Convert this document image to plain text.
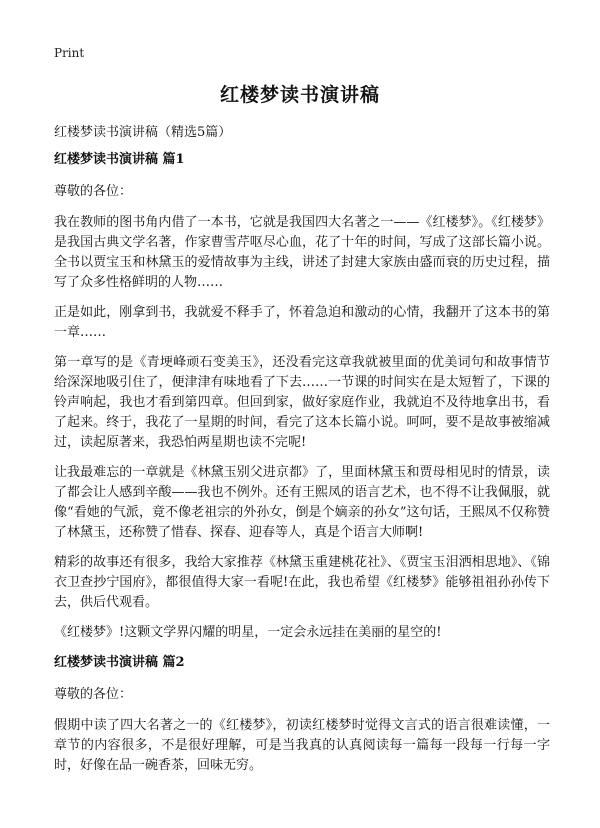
Print
红楼梦读书演讲稿
红楼梦读书演讲稿（精选5篇）
红楼梦读书演讲稿 篇1
尊敬的各位：

我在教师的图书角内借了一本书，它就是我国四大名著之一——《红楼梦》。《红楼梦》是我国古典文学名著，作家曹雪芹呕尽心血，花了十年的时间，写成了这部长篇小说。全书以贾宝玉和林黛玉的爱情故事为主线，讲述了封建大家族由盛而衰的历史过程，描写了众多性格鲜明的人物……

正是如此，刚拿到书，我就爱不释手了，怀着急迫和激动的心情，我翻开了这本书的第一章……

第一章写的是《青埂峰顽石变美玉》，还没看完这章我就被里面的优美词句和故事情节给深深地吸引住了，便津津有味地看了下去……一节课的时间实在是太短暂了，下课的铃声响起，我也才看到第四章。但回到家，做好家庭作业，我就迫不及待地拿出书，看了起来。终于，我花了一星期的时间，看完了这本长篇小说。呵呵，要不是故事被缩减过，读起原著来，我恐怕两星期也读不完呢!

让我最难忘的一章就是《林黛玉别父进京都》了，里面林黛玉和贾母相见时的情景，读了都会让人感到辛酸——我也不例外。还有王熙凤的语言艺术，也不得不让我佩服，就像“看她的气派，竟不像老祖宗的外孙女，倒是个嫡亲的孙女”这句话，王熙凤不仅称赞了林黛玉，还称赞了惜春、探春、迎春等人，真是个语言大师啊!

精彩的故事还有很多，我给大家推荐《林黛玉重建桃花社》、《贾宝玉泪洒相思地》、《锦衣卫查抄宁国府》，都很值得大家一看呢!在此，我也希望《红楼梦》能够祖祖孙孙传下去，供后代观看。

《红楼梦》!这颗文学界闪耀的明星，一定会永远挂在美丽的星空的!

红楼梦读书演讲稿 篇2
尊敬的各位：

假期中读了四大名著之一的《红楼梦》，初读红楼梦时觉得文言式的语言很难读懂，一章节的内容很多，不是很好理解，可是当我真的认真阅读每一篇每一段每一行每一字时，好像在品一碗香茶，回味无穷。
